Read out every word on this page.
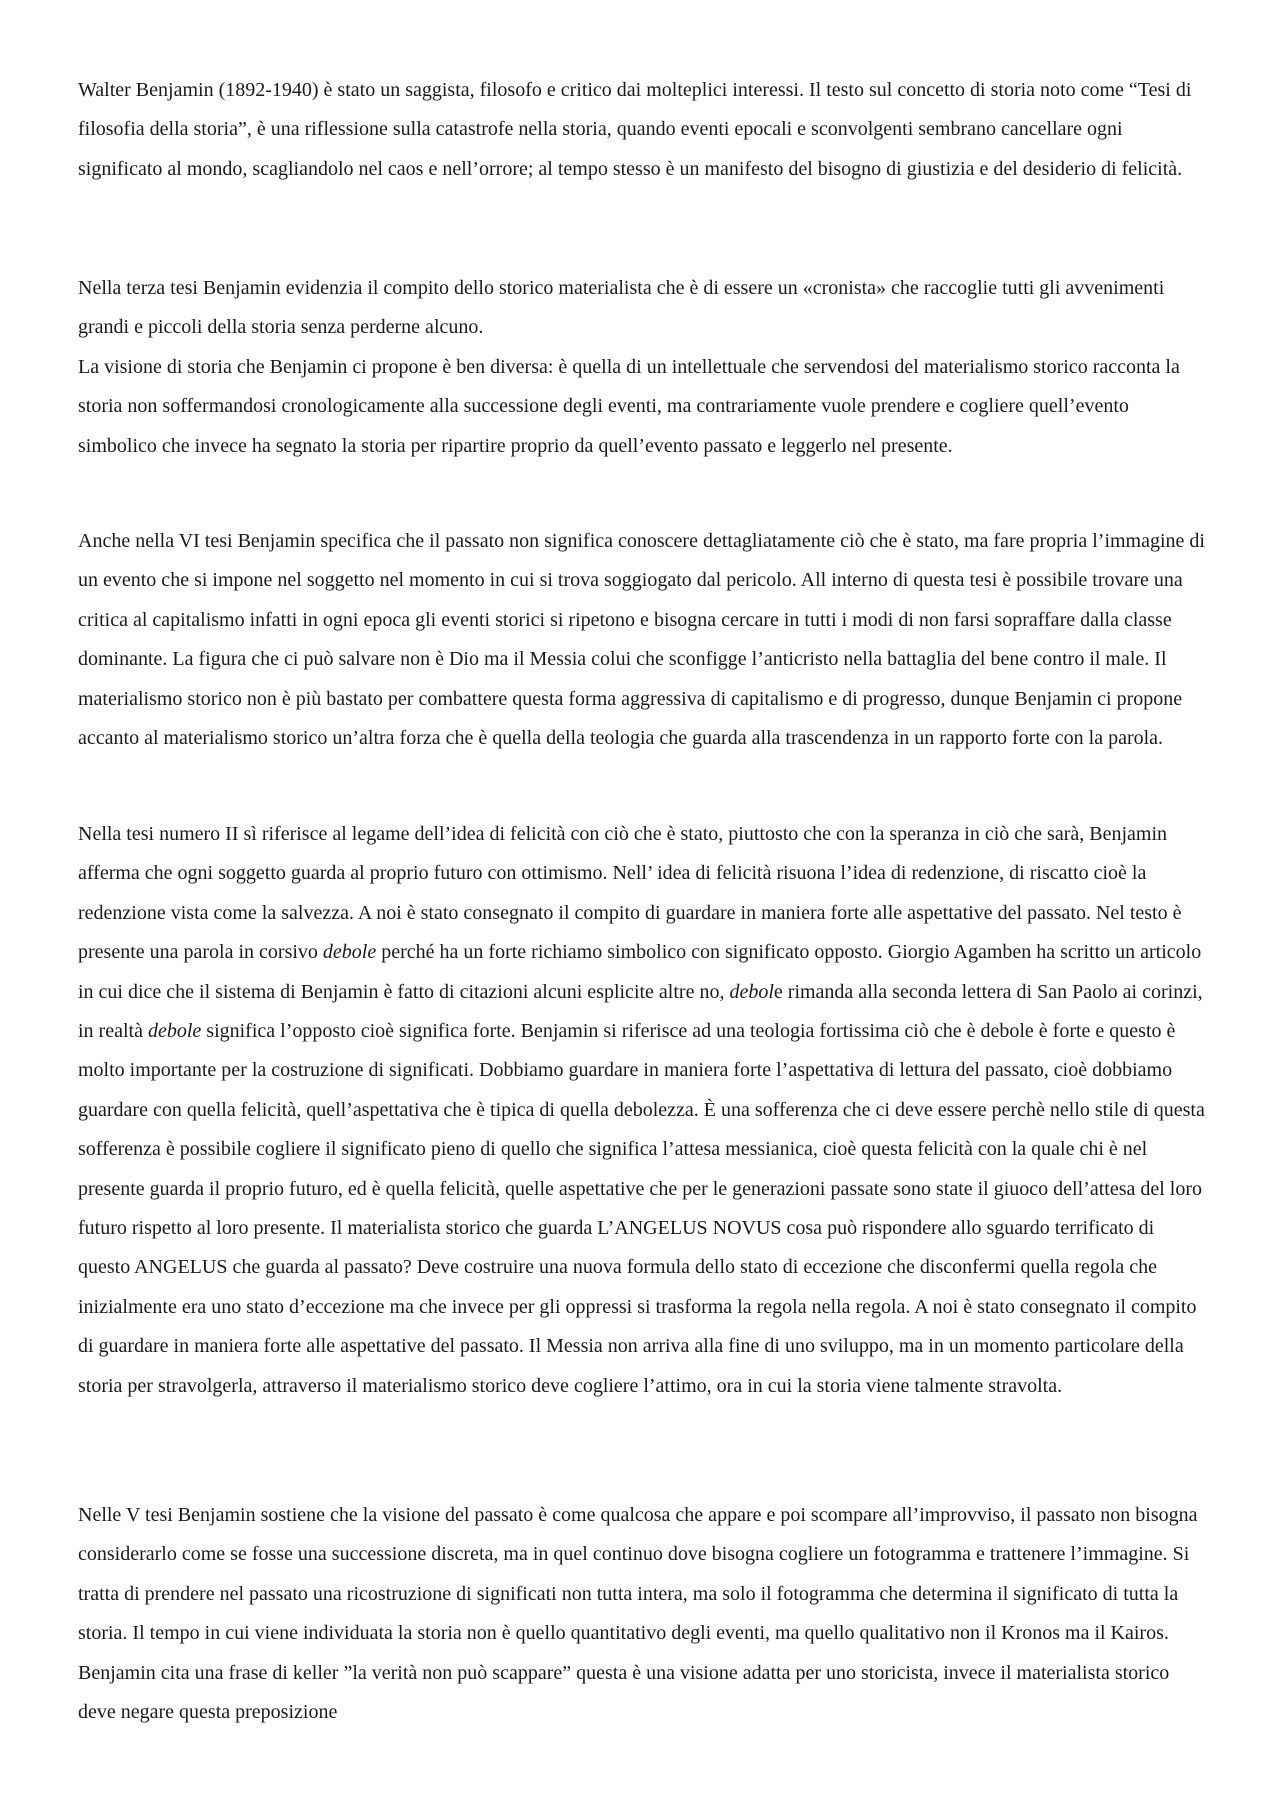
Walter Benjamin (1892-1940) è stato un saggista, filosofo e critico dai molteplici interessi. Il testo sul concetto di storia noto come “Tesi di filosofia della storia”, è una riflessione sulla catastrofe nella storia, quando eventi epocali e sconvolgenti sembrano cancellare ogni significato al mondo, scagliandolo nel caos e nell’orrore; al tempo stesso è un manifesto del bisogno di giustizia e del desiderio di felicità.

Nella terza tesi Benjamin evidenzia il compito dello storico materialista che è di essere un «cronista» che raccoglie tutti gli avvenimenti grandi e piccoli della storia senza perderne alcuno.

La visione di storia che Benjamin ci propone è ben diversa: è quella di un intellettuale che servendosi del materialismo storico racconta la storia non soffermandosi cronologicamente alla successione degli eventi, ma contrariamente vuole prendere e cogliere quell’evento simbolico che invece ha segnato la storia per ripartire proprio da quell’evento passato e leggerlo nel presente.

Anche nella VI tesi Benjamin specifica che il passato non significa conoscere dettagliatamente ciò che è stato, ma fare propria l’immagine di un evento che si impone nel soggetto nel momento in cui si trova soggiogato dal pericolo. All interno di questa tesi è possibile trovare una critica al capitalismo infatti in ogni epoca gli eventi storici si ripetono e bisogna cercare in tutti i modi di non farsi sopraffare dalla classe dominante. La figura che ci può salvare non è Dio ma il Messia colui che sconfigge l’anticristo nella battaglia del bene contro il male. Il materialismo storico non è più bastato per combattere questa forma aggressiva di capitalismo e di progresso, dunque Benjamin ci propone accanto al materialismo storico un’altra forza che è quella della teologia che guarda alla trascendenza in un rapporto forte con la parola.

Nella tesi numero II sì riferisce al legame dell’idea di felicità con ciò che è stato, piuttosto che con la speranza in ciò che sarà, Benjamin afferma che ogni soggetto guarda al proprio futuro con ottimismo. Nell’ idea di felicità risuona l’idea di redenzione, di riscatto cioè la redenzione vista come la salvezza. A noi è stato consegnato il compito di guardare in maniera forte alle aspettative del passato. Nel testo è presente una parola in corsivo debole perché ha un forte richiamo simbolico con significato opposto. Giorgio Agamben ha scritto un articolo in cui dice che il sistema di Benjamin è fatto di citazioni alcuni esplicite altre no, debole rimanda alla seconda lettera di San Paolo ai corinzi, in realtà debole significa l’opposto cioè significa forte. Benjamin si riferisce ad una teologia fortissima ciò che è debole è forte e questo è molto importante per la costruzione di significati. Dobbiamo guardare in maniera forte l’aspettativa di lettura del passato, cioè dobbiamo guardare con quella felicità, quell’aspettativa che è tipica di quella debolezza. È una sofferenza che ci deve essere perchè nello stile di questa sofferenza è possibile cogliere il significato pieno di quello che significa l’attesa messianica, cioè questa felicità con la quale chi è nel presente guarda il proprio futuro, ed è quella felicità, quelle aspettative che per le generazioni passate sono state il giuoco dell’attesa del loro futuro rispetto al loro presente. Il materialista storico che guarda L’ANGELUS NOVUS cosa può rispondere allo sguardo terrificato di questo ANGELUS che guarda al passato? Deve costruire una nuova formula dello stato di eccezione che disconfermi quella regola che inizialmente era uno stato d’eccezione ma che invece per gli oppressi si trasforma la regola nella regola. A noi è stato consegnato il compito di guardare in maniera forte alle aspettative del passato. Il Messia non arriva alla fine di uno sviluppo, ma in un momento particolare della storia per stravolgerla, attraverso il materialismo storico deve cogliere l’attimo, ora in cui la storia viene talmente stravolta.

Nelle V tesi Benjamin sostiene che la visione del passato è come qualcosa che appare e poi scompare all’improvviso, il passato non bisogna considerarlo come se fosse una successione discreta, ma in quel continuo dove bisogna cogliere un fotogramma e trattenere l’immagine. Si tratta di prendere nel passato una ricostruzione di significati non tutta intera, ma solo il fotogramma che determina il significato di tutta la storia. Il tempo in cui viene individuata la storia non è quello quantitativo degli eventi, ma quello qualitativo non il Kronos ma il Kairos. Benjamin cita una frase di keller ”la verità non può scappare” questa è una visione adatta per uno storicista, invece il materialista storico deve negare questa preposizione
